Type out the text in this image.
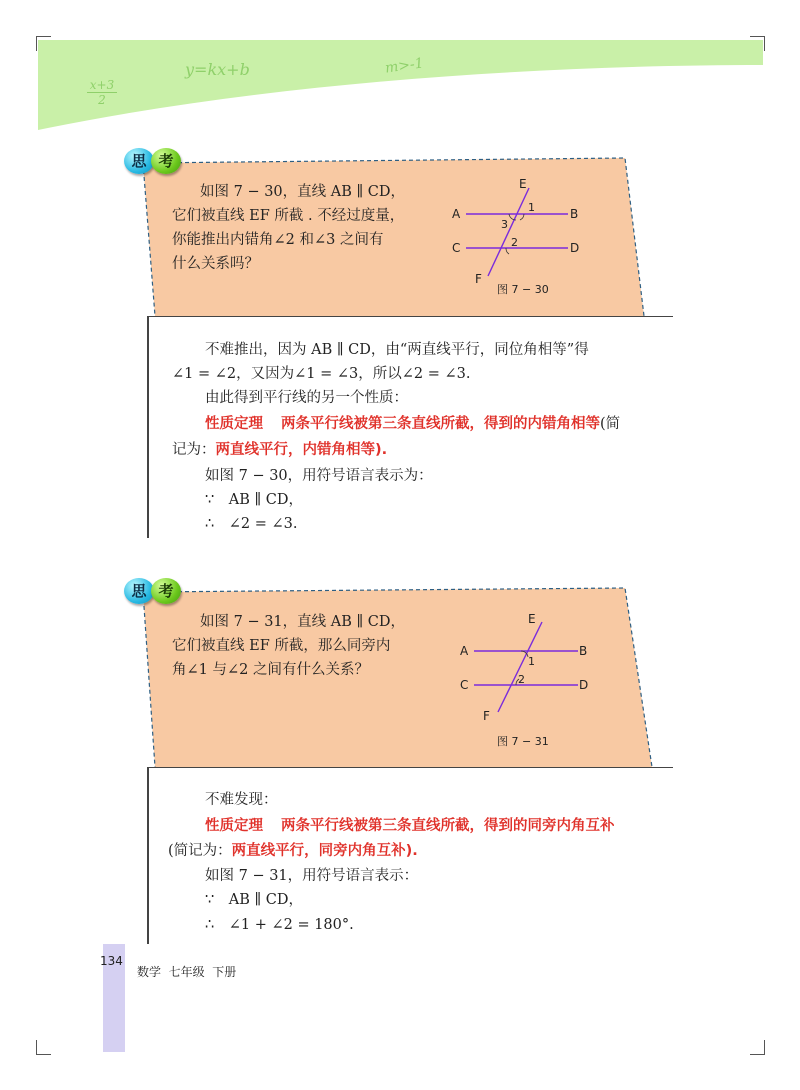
x+3
2
y=kx+b	m>-1
思 考
如图 7 − 30，直线 AB ∥ CD，
它们被直线 EF 所截 . 不经过度量，
你能推出内错角∠2 和∠3 之间有
什么关系吗？
E
A	B
C	D
F
1
2
3
图 7 − 30
不难推出，因为 AB ∥ CD，由“两直线平行，同位角相等”得
∠1 = ∠2，又因为∠1 = ∠3，所以∠2 = ∠3.
由此得到平行线的另一个性质：
性质定理 两条平行线被第三条直线所截，得到的内错角相等(简
记为：两直线平行，内错角相等).
如图 7 − 30，用符号语言表示为：
∵　AB ∥ CD，
∴　∠2 = ∠3.
思 考
如图 7 − 31，直线 AB ∥ CD，
它们被直线 EF 所截，那么同旁内
角∠1 与∠2 之间有什么关系？
E
A	B
C	D
F
1
2
图 7 − 31
不难发现：
性质定理 两条平行线被第三条直线所截，得到的同旁内角互补
(简记为：两直线平行，同旁内角互补).
如图 7 − 31，用符号语言表示：
∵　AB ∥ CD，
∴　∠1 + ∠2 = 180°.
134
数学  七年级  下册
